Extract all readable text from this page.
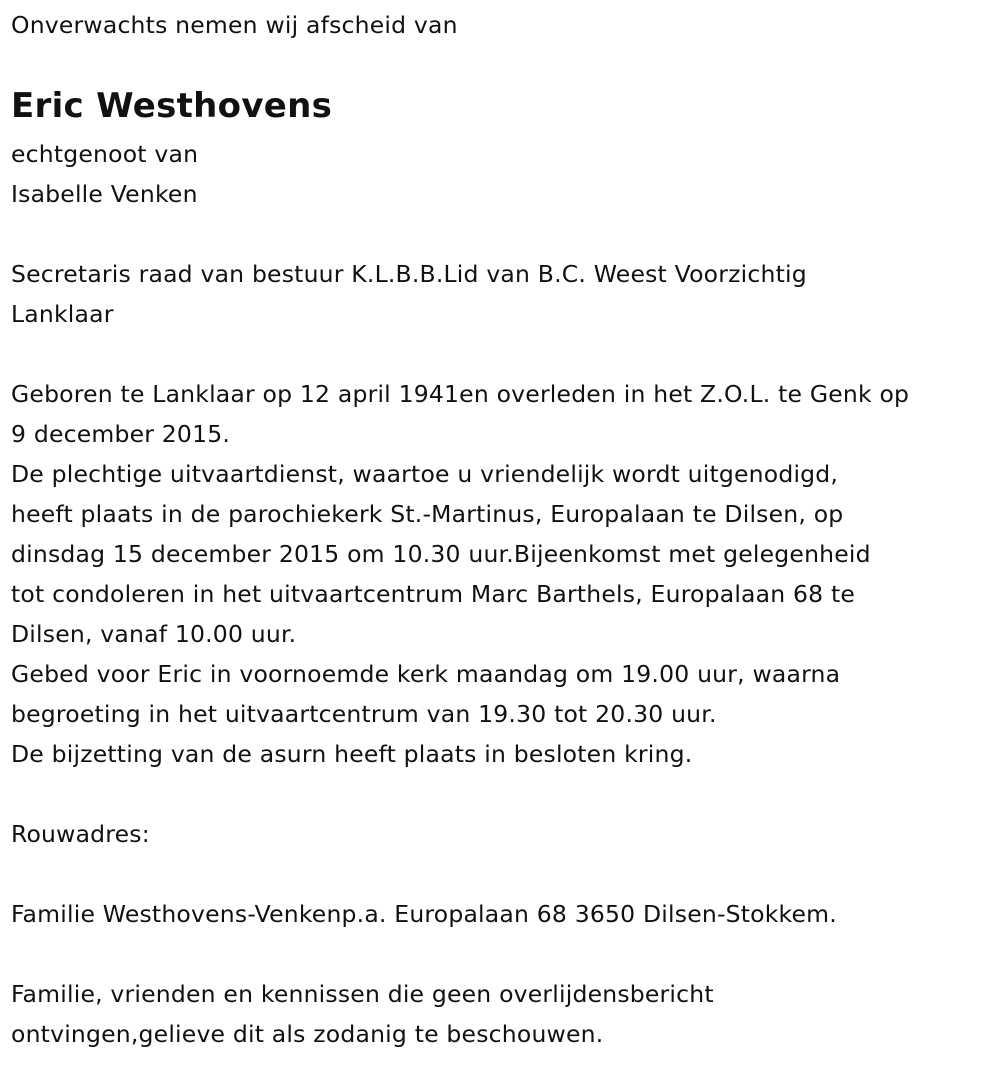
Onverwachts nemen wij afscheid van
Eric Westhovens
echtgenoot van
Isabelle Venken
Secretaris raad van bestuur K.L.B.B.Lid van B.C. Weest Voorzichtig
Lanklaar
Geboren te Lanklaar op 12 april 1941en overleden in het Z.O.L. te Genk op
9 december 2015.
De plechtige uitvaartdienst, waartoe u vriendelijk wordt uitgenodigd,
heeft plaats in de parochiekerk St.-Martinus, Europalaan te Dilsen, op
dinsdag 15 december 2015 om 10.30 uur.Bijeenkomst met gelegenheid
tot condoleren in het uitvaartcentrum Marc Barthels, Europalaan 68 te
Dilsen, vanaf 10.00 uur.
Gebed voor Eric in voornoemde kerk maandag om 19.00 uur, waarna
begroeting in het uitvaartcentrum van 19.30 tot 20.30 uur.
De bijzetting van de asurn heeft plaats in besloten kring.
Rouwadres:
Familie Westhovens-Venkenp.a. Europalaan 68 3650 Dilsen-Stokkem.
Familie, vrienden en kennissen die geen overlijdensbericht
ontvingen,gelieve dit als zodanig te beschouwen.
